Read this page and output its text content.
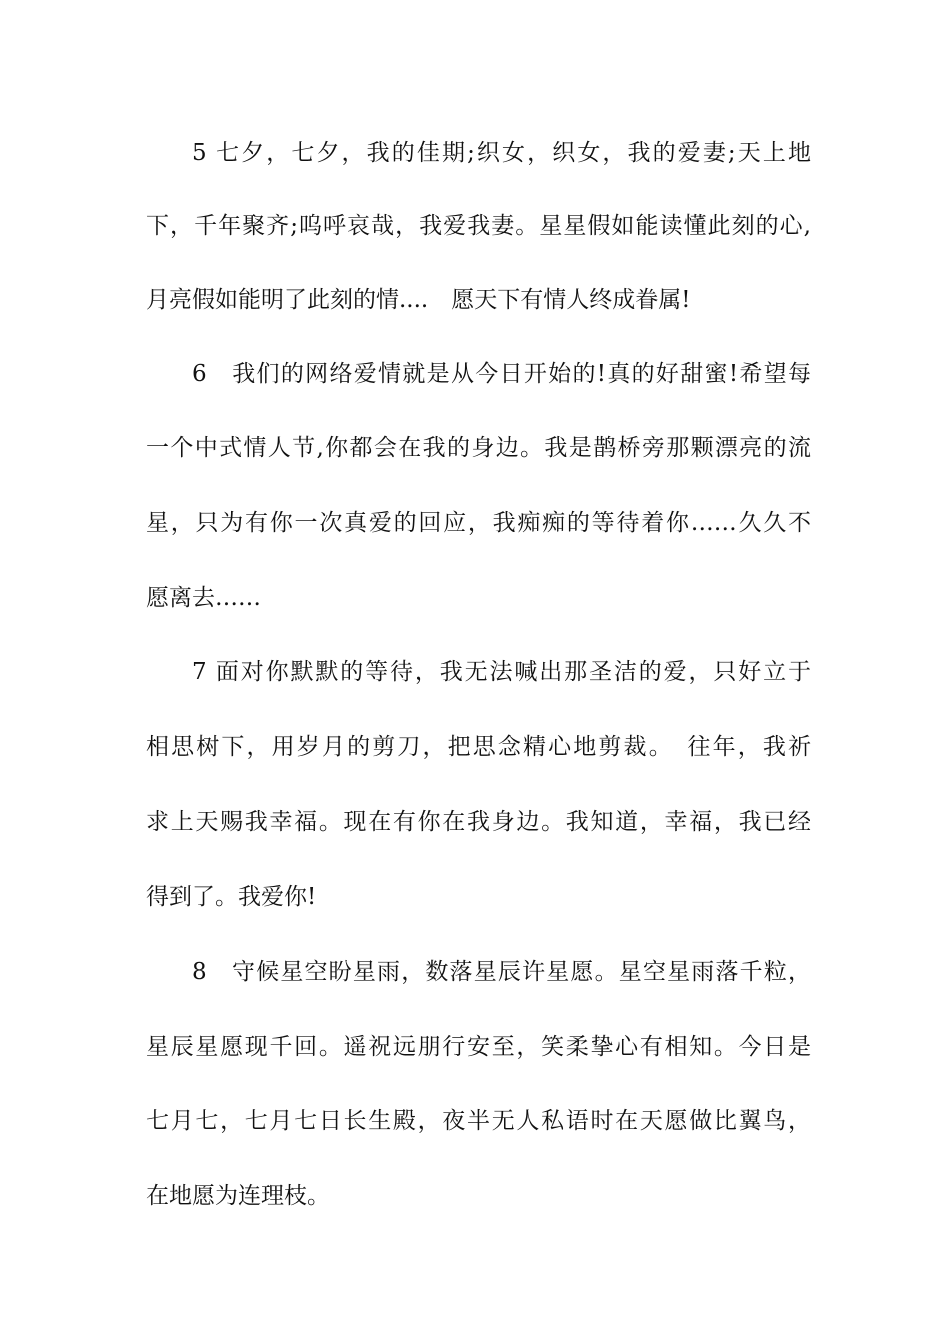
5 七夕，七夕，我的佳期;织女，织女，我的爱妻;天上地
下，千年聚齐;呜呼哀哉，我爱我妻。星星假如能读懂此刻的心,
月亮假如能明了此刻的情....　愿天下有情人终成眷属!
6　我们的网络爱情就是从今日开始的!真的好甜蜜!希望每
一个中式情人节,你都会在我的身边。我是鹊桥旁那颗漂亮的流
星，只为有你一次真爱的回应，我痴痴的等待着你……久久不
愿离去……
7 面对你默默的等待，我无法喊出那圣洁的爱，只好立于
相思树下，用岁月的剪刀，把思念精心地剪裁。　往年，我祈
求上天赐我幸福。现在有你在我身边。我知道，幸福，我已经
得到了。我爱你!
8　守候星空盼星雨，数落星辰许星愿。星空星雨落千粒，
星辰星愿现千回。遥祝远朋行安至，笑柔挚心有相知。今日是
七月七，七月七日长生殿，夜半无人私语时在天愿做比翼鸟，
在地愿为连理枝。
